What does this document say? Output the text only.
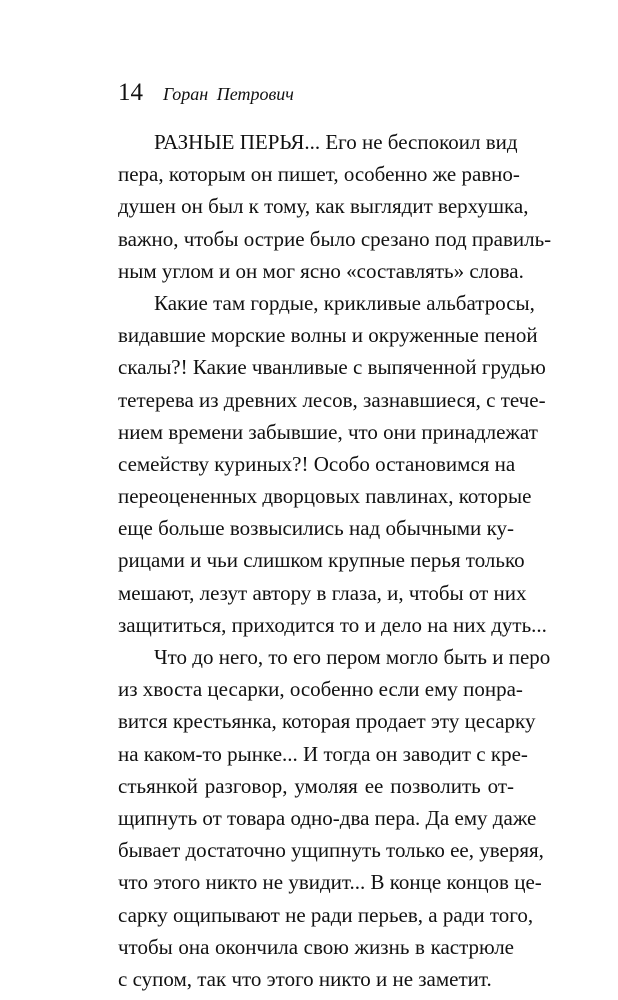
14 Горан Петрович
РАЗНЫЕ ПЕРЬЯ... Его не беспокоил вид
пера, которым он пишет, особенно же равно-
душен он был к тому, как выглядит верхушка,
важно, чтобы острие было срезано под правиль-
ным углом и он мог ясно «составлять» слова.
Какие там гордые, крикливые альбатросы,
видавшие морские волны и окруженные пеной
скалы?! Какие чванливые с выпяченной грудью
тетерева из древних лесов, зазнавшиеся, с тече-
нием времени забывшие, что они принадлежат
семейству куриных?! Особо остановимся на
переоцененных дворцовых павлинах, которые
еще больше возвысились над обычными ку-
рицами и чьи слишком крупные перья только
мешают, лезут автору в глаза, и, чтобы от них
защититься, приходится то и дело на них дуть...
Что до него, то его пером могло быть и перо
из хвоста цесарки, особенно если ему понра-
вится крестьянка, которая продает эту цесарку
на каком-то рынке... И тогда он заводит с кре-
стьянкой разговор, умоляя ее позволить от-
щипнуть от товара одно-два пера. Да ему даже
бывает достаточно ущипнуть только ее, уверяя,
что этого никто не увидит... В конце концов це-
сарку ощипывают не ради перьев, а ради того,
чтобы она окончила свою жизнь в кастрюле
с супом, так что этого никто и не заметит.
